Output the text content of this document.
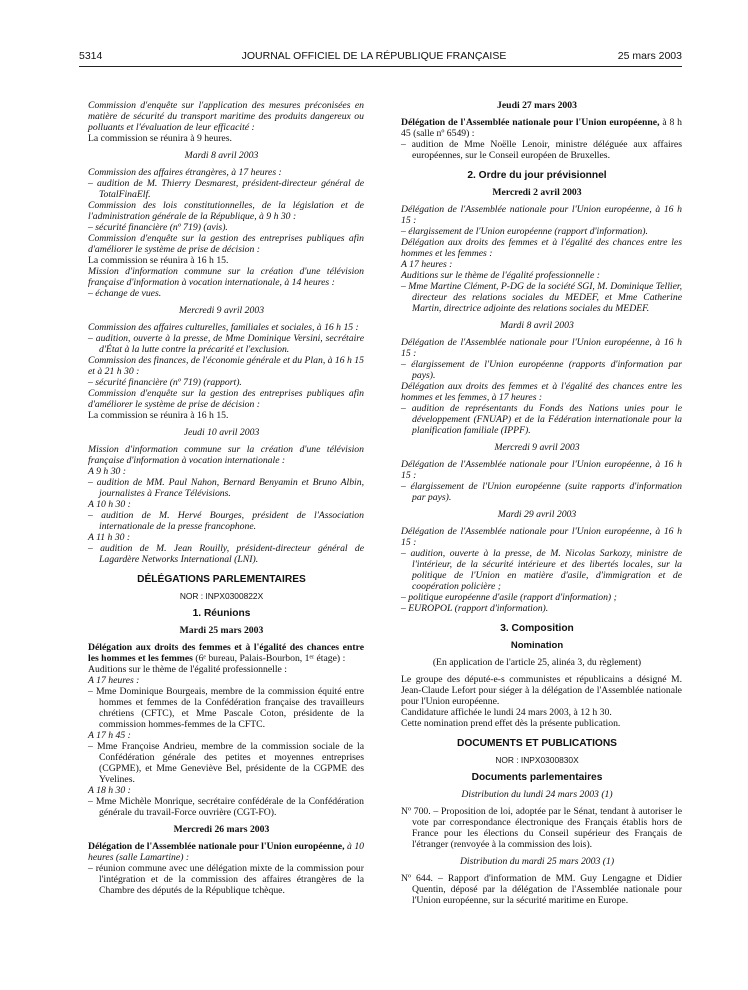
5314	JOURNAL OFFICIEL DE LA RÉPUBLIQUE FRANÇAISE	25 mars 2003

Commission d'enquête sur l'application des mesures préconisées en matière de sécurité du transport maritime des produits dangereux ou polluants et l'évaluation de leur efficacité :

La commission se réunira à 9 heures.

Mardi 8 avril 2003

Commission des affaires étrangères, à 17 heures :

– audition de M. Thierry Desmarest, président-directeur général de TotalFinaElf.

Commission des lois constitutionnelles, de la législation et de l'administration générale de la République, à 9 h 30 :

– sécurité financière (nº 719) (avis).

Commission d'enquête sur la gestion des entreprises publiques afin d'améliorer le système de prise de décision :

La commission se réunira à 16 h 15.

Mission d'information commune sur la création d'une télévision française d'information à vocation internationale, à 14 heures :

– échange de vues.

Mercredi 9 avril 2003

Commission des affaires culturelles, familiales et sociales, à 16 h 15 :

– audition, ouverte à la presse, de Mme Dominique Versini, secrétaire d'État à la lutte contre la précarité et l'exclusion.

Commission des finances, de l'économie générale et du Plan, à 16 h 15 et à 21 h 30 :

– sécurité financière (nº 719) (rapport).

Commission d'enquête sur la gestion des entreprises publiques afin d'améliorer le système de prise de décision :

La commission se réunira à 16 h 15.

Jeudi 10 avril 2003

Mission d'information commune sur la création d'une télévision française d'information à vocation internationale :

A 9 h 30 :

– audition de MM. Paul Nahon, Bernard Benyamin et Bruno Albin, journalistes à France Télévisions.

A 10 h 30 :

– audition de M. Hervé Bourges, président de l'Association internationale de la presse francophone.

A 11 h 30 :

– audition de M. Jean Rouilly, président-directeur général de Lagardère Networks International (LNI).

DÉLÉGATIONS PARLEMENTAIRES

NOR : INPX0300822X

1. Réunions

Mardi 25 mars 2003

Délégation aux droits des femmes et à l'égalité des chances entre les hommes et les femmes (6ᵉ bureau, Palais-Bourbon, 1ᵉʳ étage) :

Auditions sur le thème de l'égalité professionnelle :

A 17 heures :

– Mme Dominique Bourgeais, membre de la commission équité entre hommes et femmes de la Confédération française des travailleurs chrétiens (CFTC), et Mme Pascale Coton, présidente de la commission hommes-femmes de la CFTC.

A 17 h 45 :

– Mme Françoise Andrieu, membre de la commission sociale de la Confédération générale des petites et moyennes entreprises (CGPME), et Mme Geneviève Bel, présidente de la CGPME des Yvelines.

A 18 h 30 :

– Mme Michèle Monrique, secrétaire confédérale de la Confédération générale du travail-Force ouvrière (CGT-FO).

Mercredi 26 mars 2003

Délégation de l'Assemblée nationale pour l'Union européenne, à 10 heures (salle Lamartine) :

– réunion commune avec une délégation mixte de la commission pour l'intégration et de la commission des affaires étrangères de la Chambre des députés de la République tchèque.

Jeudi 27 mars 2003

Délégation de l'Assemblée nationale pour l'Union européenne, à 8 h 45 (salle nº 6549) :

– audition de Mme Noëlle Lenoir, ministre déléguée aux affaires européennes, sur le Conseil européen de Bruxelles.

2. Ordre du jour prévisionnel

Mercredi 2 avril 2003

Délégation de l'Assemblée nationale pour l'Union européenne, à 16 h 15 :

– élargissement de l'Union européenne (rapport d'information).

Délégation aux droits des femmes et à l'égalité des chances entre les hommes et les femmes :

A 17 heures :

Auditions sur le thème de l'égalité professionnelle :

– Mme Martine Clément, P-DG de la société SGI, M. Dominique Tellier, directeur des relations sociales du MEDEF, et Mme Catherine Martin, directrice adjointe des relations sociales du MEDEF.

Mardi 8 avril 2003

Délégation de l'Assemblée nationale pour l'Union européenne, à 16 h 15 :

– élargissement de l'Union européenne (rapports d'information par pays).

Délégation aux droits des femmes et à l'égalité des chances entre les hommes et les femmes, à 17 heures :

– audition de représentants du Fonds des Nations unies pour le développement (FNUAP) et de la Fédération internationale pour la planification familiale (IPPF).

Mercredi 9 avril 2003

Délégation de l'Assemblée nationale pour l'Union européenne, à 16 h 15 :

– élargissement de l'Union européenne (suite rapports d'information par pays).

Mardi 29 avril 2003

Délégation de l'Assemblée nationale pour l'Union européenne, à 16 h 15 :

– audition, ouverte à la presse, de M. Nicolas Sarkozy, ministre de l'intérieur, de la sécurité intérieure et des libertés locales, sur la politique de l'Union en matière d'asile, d'immigration et de coopération policière ;

– politique européenne d'asile (rapport d'information) ;

– EUROPOL (rapport d'information).

3. Composition

Nomination

(En application de l'article 25, alinéa 3, du règlement)

Le groupe des député-e-s communistes et républicains a désigné M. Jean-Claude Lefort pour siéger à la délégation de l'Assemblée nationale pour l'Union européenne.

Candidature affichée le lundi 24 mars 2003, à 12 h 30.

Cette nomination prend effet dès la présente publication.

DOCUMENTS ET PUBLICATIONS

NOR : INPX0300830X

Documents parlementaires

Distribution du lundi 24 mars 2003 (1)

Nº 700. – Proposition de loi, adoptée par le Sénat, tendant à autoriser le vote par correspondance électronique des Français établis hors de France pour les élections du Conseil supérieur des Français de l'étranger (renvoyée à la commission des lois).

Distribution du mardi 25 mars 2003 (1)

Nº 644. – Rapport d'information de MM. Guy Lengagne et Didier Quentin, déposé par la délégation de l'Assemblée nationale pour l'Union européenne, sur la sécurité maritime en Europe.
